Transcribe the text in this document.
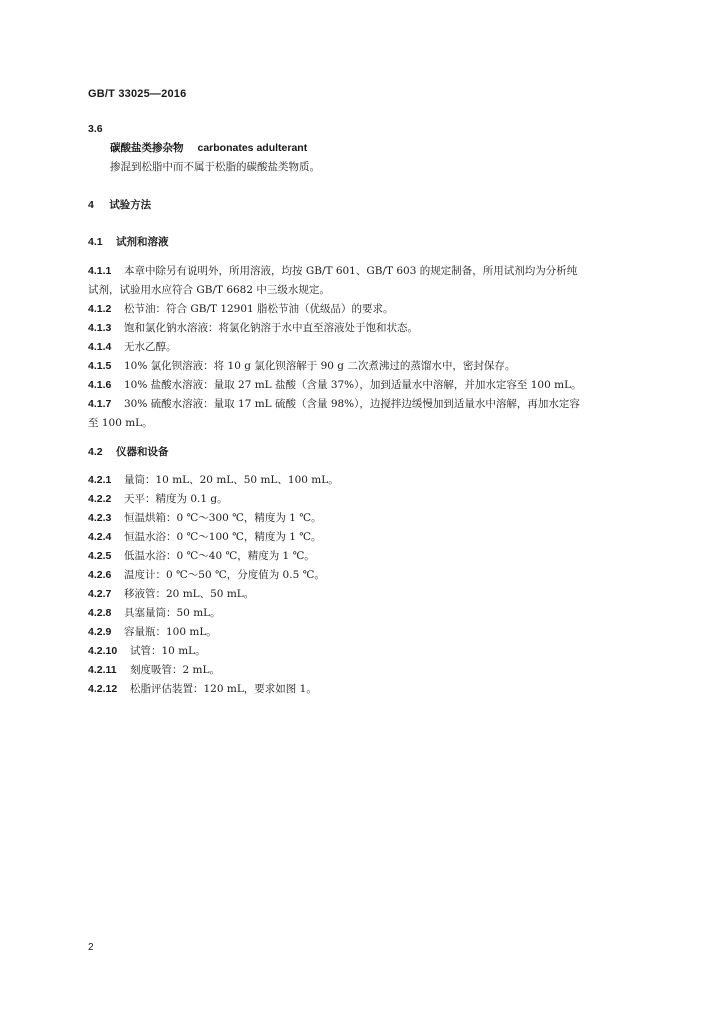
GB/T 33025—2016
3.6
碳酸盐类掺杂物 carbonates adulterant
掺混到松脂中而不属于松脂的碳酸盐类物质。
4 试验方法
4.1 试剂和溶液
4.1.1	本章中除另有说明外，所用溶液，均按 GB/T 601、GB/T 603 的规定制备，所用试剂均为分析纯
试剂，试验用水应符合 GB/T 6682 中三级水规定。
4.1.2	松节油：符合 GB/T 12901 脂松节油（优级品）的要求。
4.1.3	饱和氯化钠水溶液：将氯化钠溶于水中直至溶液处于饱和状态。
4.1.4	无水乙醇。
4.1.5	10% 氯化钡溶液：将 10 g 氯化钡溶解于 90 g 二次煮沸过的蒸馏水中，密封保存。
4.1.6	10% 盐酸水溶液：量取 27 mL 盐酸（含量 37%），加到适量水中溶解，并加水定容至 100 mL。
4.1.7	30% 硫酸水溶液：量取 17 mL 硫酸（含量 98%），边搅拌边缓慢加到适量水中溶解，再加水定容
至 100 mL。
4.2 仪器和设备
4.2.1	量筒：10 mL、20 mL、50 mL、100 mL。
4.2.2	天平：精度为 0.1 g。
4.2.3	恒温烘箱：0 ℃～300 ℃，精度为 1 ℃。
4.2.4	恒温水浴：0 ℃～100 ℃，精度为 1 ℃。
4.2.5	低温水浴：0 ℃～40 ℃，精度为 1 ℃。
4.2.6	温度计：0 ℃～50 ℃，分度值为 0.5 ℃。
4.2.7	移液管：20 mL、50 mL。
4.2.8	具塞量筒：50 mL。
4.2.9	容量瓶：100 mL。
4.2.10	试管：10 mL。
4.2.11	刻度吸管：2 mL。
4.2.12	松脂评估装置：120 mL，要求如图 1。
2
